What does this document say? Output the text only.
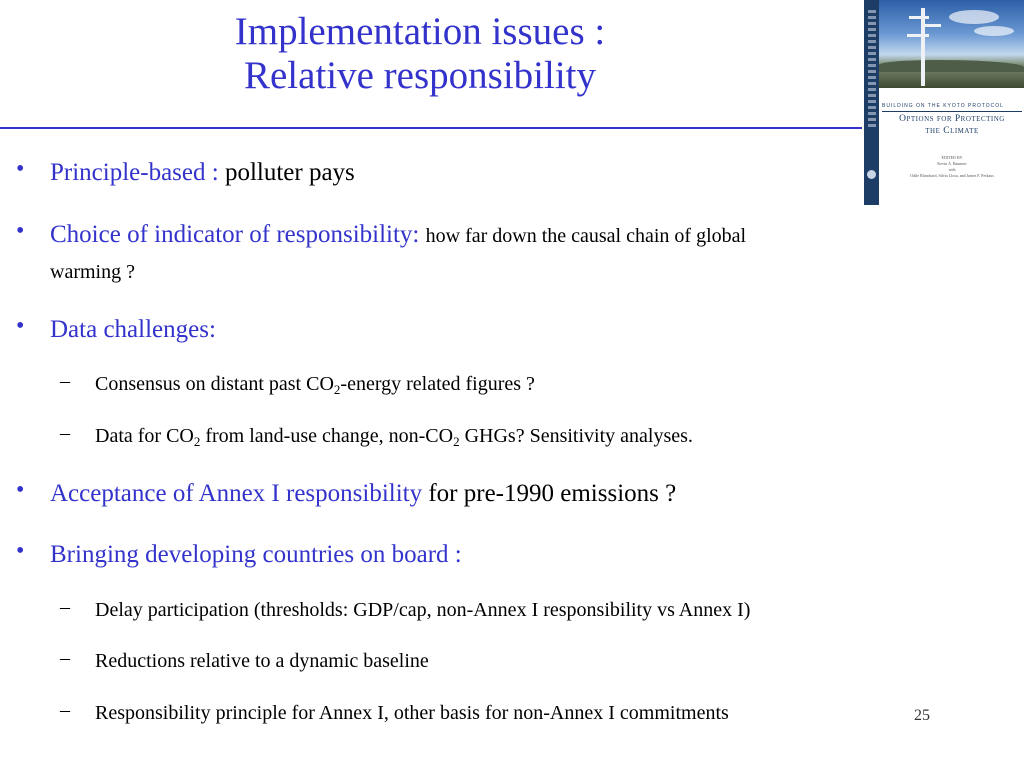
Implementation issues :
Relative responsibility
BUILDING ON THE KYOTO PROTOCOL
Options for Protecting
the Climate
EDITED BY
Kevin A. Baumert
with
Odile Blanchard, Silvia Llosa, and James F. Perkaus
• Principle-based : polluter pays
• Choice of indicator of responsibility: how far down the causal chain of global
warming ?
• Data challenges:
– Consensus on distant past $CO_2$-energy related figures ?
– Data for $CO_2$ from land-use change, non-$CO_2$ GHGs? Sensitivity analyses.
• Acceptance of Annex I responsibility for pre-1990 emissions ?
• Bringing developing countries on board :
– Delay participation (thresholds: GDP/cap, non-Annex I responsibility vs Annex I)
– Reductions relative to a dynamic baseline
– Responsibility principle for Annex I, other basis for non-Annex I commitments	25
